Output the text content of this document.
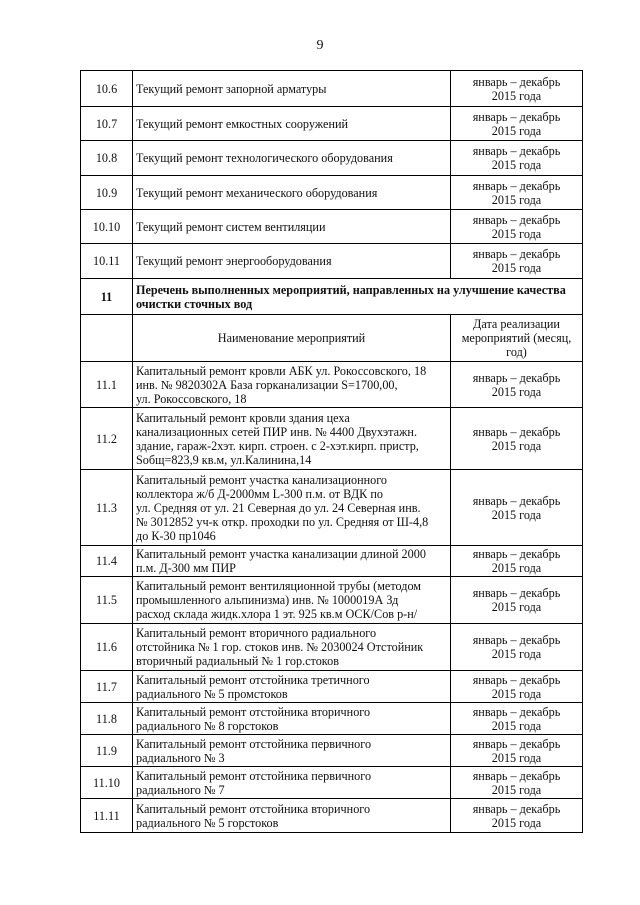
9
10.6	Текущий ремонт запорной арматуры	январь – декабрь
2015 года

10.7	Текущий ремонт емкостных сооружений	январь – декабрь
2015 года

10.8	Текущий ремонт технологического оборудования	январь – декабрь
2015 года

10.9	Текущий ремонт механического оборудования	январь – декабрь
2015 года

10.10	Текущий ремонт систем вентиляции	январь – декабрь
2015 года

10.11	Текущий ремонт энергооборудования	январь – декабрь
2015 года

11	Перечень выполненных мероприятий, направленных на улучшение качества очистки сточных вод	
	Наименование мероприятий	Дата реализации мероприятий (месяц, год)
11.1	Капитальный ремонт кровли АБК ул. Рокоссовского, 18
инв. № 9820302А База горканализации S=1700,00,
ул. Рокоссовского, 18	январь – декабрь
2015 года

11.2	Капитальный ремонт кровли здания цеха
канализационных сетей ПИР инв. № 4400 Двухэтажн.
здание, гараж-2хэт. кирп. строен. с 2-хэт.кирп. пристр,
Sобщ=823,9 кв.м, ул.Калинина,14	январь – декабрь
2015 года

11.3	Капитальный ремонт участка канализационного
коллектора ж/б Д-2000мм L-300 п.м. от ВДК по
ул. Средняя от ул. 21 Северная до ул. 24 Северная инв.
№ 3012852 уч-к откр. проходки по ул. Средняя от Ш-4,8
до К-30 пр1046	январь – декабрь
2015 года

11.4	Капитальный ремонт участка канализации длиной 2000
п.м. Д-300 мм ПИР	январь – декабрь
2015 года

11.5	Капитальный ремонт вентиляционной трубы (методом
промышленного альпинизма) инв. № 1000019А Зд
расход склада жидк.хлора 1 эт. 925 кв.м ОСК/Сов р-н/	январь – декабрь
2015 года

11.6	Капитальный ремонт вторичного радиального
отстойника № 1 гор. стоков инв. № 2030024 Отстойник
вторичный радиальный № 1 гор.стоков	январь – декабрь
2015 года

11.7	Капитальный ремонт отстойника третичного
радиального № 5 промстоков	январь – декабрь
2015 года

11.8	Капитальный ремонт отстойника вторичного
радиального № 8 горстоков	январь – декабрь
2015 года

11.9	Капитальный ремонт отстойника первичного
радиального № 3	январь – декабрь
2015 года

11.10	Капитальный ремонт отстойника первичного
радиального № 7	январь – декабрь
2015 года

11.11	Капитальный ремонт отстойника вторичного
радиального № 5 горстоков	январь – декабрь
2015 года
